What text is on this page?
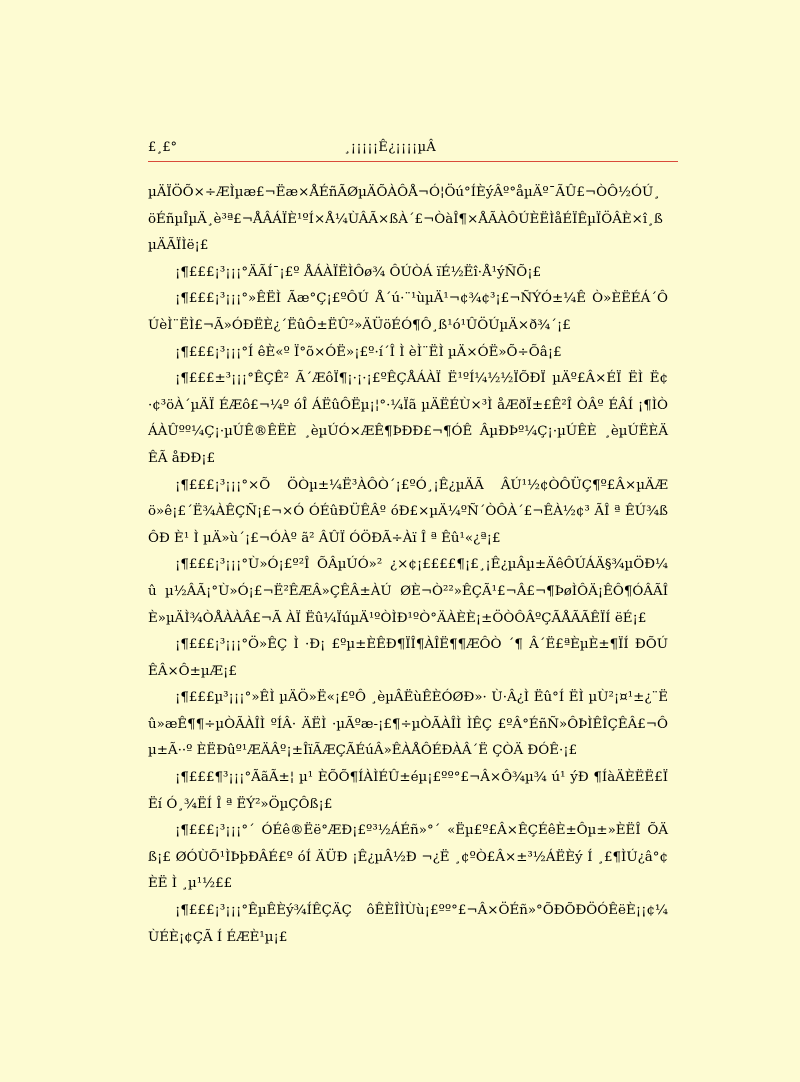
£¸£°	¸¡¡¡¡¡Ê¿¡¡¡¡µÂ

µÄÏÖÕ×÷ÆÌµæ£¬Ëæ×ÅÉñÃØµÄÕÀÔÅ¬Ó¦Öú°ÍÈýÂº°åµÄº¯ÃÛ£¬ÒÔ½ÓÚ¸öÉñµÎµÄ¸è³ª£¬ÅÂÁÏÈ¹ºÍ×Å¼ÙÂÃ×ßÀ´£¬ÒàÎ¶×ÅÃÀÔÚÈËÌåÉÏÊµÏÖÂÈ×î¸ßµÄÃÏÌë¡£

¡¶£££¡³¡¡¡°ÄÃÍ¯¡£º ÅÁÀÏËÌÔø¾ ÔÚÒÁ ïÉ½Ëî·Å¹ýÑÕ¡£

¡¶£££¡³¡¡¡°»ÊËÌ Ãæ°Ç¡£ºÔÚ Å´ú·¨¹ùµÄ¹¬¢¾¢³¡£¬ÑÝÓ±¼Ê Ò»ÈËÉÁ´ÔÚèÌ¨ËÌ£¬Ã»ÓÐËÈ¿´ËûÔ±ËÛ²»ÄÜöÉÓ¶Ô¸ß¹ó¹ÛÖÚµÄ×ð¾´¡£

¡¶£££¡³¡¡¡°Í êÈ«º Ï°õ×ÓË»¡£º·í´Î Ì èÌ¨ËÌ µÄ×ÓË»Õ÷Õâ¡£

¡¶£££±³¡¡¡°ÊÇÊ² Ã´ÆôÏ¶¡·¡·¡£ºÊÇÅÁÀÏ Ë¹ºÍ¼½½ÏÕÐÏ µÄº£Â×ÉÏ ËÌ Ë¢·¢³öÀ´µÄÏ ÉÆô£¬¼º óÎ ÁËûÔËµ¡¦°·¼Ïã µÄËÉÙ×³Ì åÆðÏ±£Ê²Î ÒÂº ÉÂÍ ¡¶ÌÒÁÀÛºº¼Ç¡·µÚÊ®ÊËÈ ¸èµÚÓ×ÆÊ¶ÞÐÐ£¬¶ÓÊ ÂµÐÞº¼Ç¡·µÚÊÈ ¸èµÚËÈÄÊÃ åÐÐ¡£

¡¶£££¡³¡¡¡°×Õ ÖÒµ±¼Ë³ÀÔÒ´¡£ºÓ¸¡Ê¿µÄÃ ÂÚ¹½¢ÒÔÜÇ¶º£Â×µÄÆ ö»ê¡£´Ë¾ÀÊÇÑ¡£¬×Ó ÓÉûÐÜÊÂº óÐ£×µÄ¼ºÑ´ÒÔÀ´£¬ÊÀ½¢³ ÃÎ ª ÊÚ¾ßÔÐ È¹ Ì µÄ»ù´¡£¬ÓÀº ã² ÂÛÏ ÓÖÐÃ÷Àï Î ª Êû¹«¿ª¡£

¡¶£££¡³¡¡¡°Ù»Ó¡£º²Î ÕÂµÚÓ»² ¿×¢¡££££¶¡£¸¡Ê¿µÂµ±ÄêÔÚÁÄ§¾µÖÐ¼û µ½ÂÃ¡°Ù»Ó¡£¬Ë²ÊÆÂ»ÇÊÂ±ÀÚ ØÈ¬Ò²²»ÊÇÃ¹£¬Â£¬¶ÞøÌÔÄ¡ÊÔ¶ÓÂÃÎÈ»µÄÌ¾ÒÅÀÀÂ£¬Ã ÀÏ Ëû¼ÏúµÄ¹ºÒÌÐ¹ºÒ°ÄÀÈÈ¡±ÖÒÔÂºÇÃÅÃÃÊÏÍ ëÉ¡£

¡¶£££¡³¡¡¡°Ö»ÊÇ Ì ·Ð¡ £ºµ±ÈÊÐ¶ÏÎ¶ÀÎË¶¶ÆÔÒ ´¶ Â´Ë£ªÈµÈ±¶ÏÍ ÐÕÚ ÊÂ×Ô±µÆ¡£

¡¶£££µ³¡¡¡°»ÊÌ µÄÖ»Ë«¡£ºÔ ¸èµÂËùÊÈÓØÐ»· Ù·Â¿Ì Ëû°Í ËÌ µÙ²¡¤¹±¿¨Ëû»æÊ¶¶÷µÒÃÀÎÌ ºÍÂ· ÄËÌ ·µÃºæ-¡£¶÷µÒÃÀÎÌ ÌÊÇ £ºÂ°ÉñÑ»ÔÞÌÊÎÇÊÂ£¬Ôµ±Ã··º ÈËÐûº¹ÆÄÂº¡±ÎïÃÆÇÃÉúÂ»ÊÀÅÔÉÐÀÂ´Ë ÇÒÄ ÐÓÊ·¡£

¡¶£££¶³¡¡¡°ÃãÃ±¦ µ¹ ÈÕÕ¶ÍÀÌÉÛ±éµ¡£ºº°£¬Â×Ô¾µ¾ ú¹ ýÐ ¶ÍàÄÈËË£Ï Ëí Ó¸¾ËÍ Î ª ËÝ²»ÖµÇÔß¡£

¡¶£££¡³¡¡¡°´ ÓÉê®Ëë°ÆÐ¡£º³½ÁÉñ»°´ «Ëµ£º£Â×ÊÇÉêÈ±Ôµ±»ÈËÎ ÕÄß¡£ ØÓÙÕ¹ÌÞþÐÂÉ£º óÍ ÄÜÐ ¡Ê¿µÂ½Ð ¬¿Ë ¸¢ºÒ£Â×±³½ÁËÈý Í ¸£¶ÌÚ¿â°¢ÈË Ì ¸µ¹½££

¡¶£££¡³¡¡¡°ÊµÊÈý¾ÍÊÇÄÇ ôÊÈÎÌÙù¡£ºº°£¬Â×ÖÉñ»°ÕÐÕÐÖÓÊëÈ¡¡¢¼ÙÉÈ¡¢ÇÃ Í ÉÆÈ¹µ¡£
